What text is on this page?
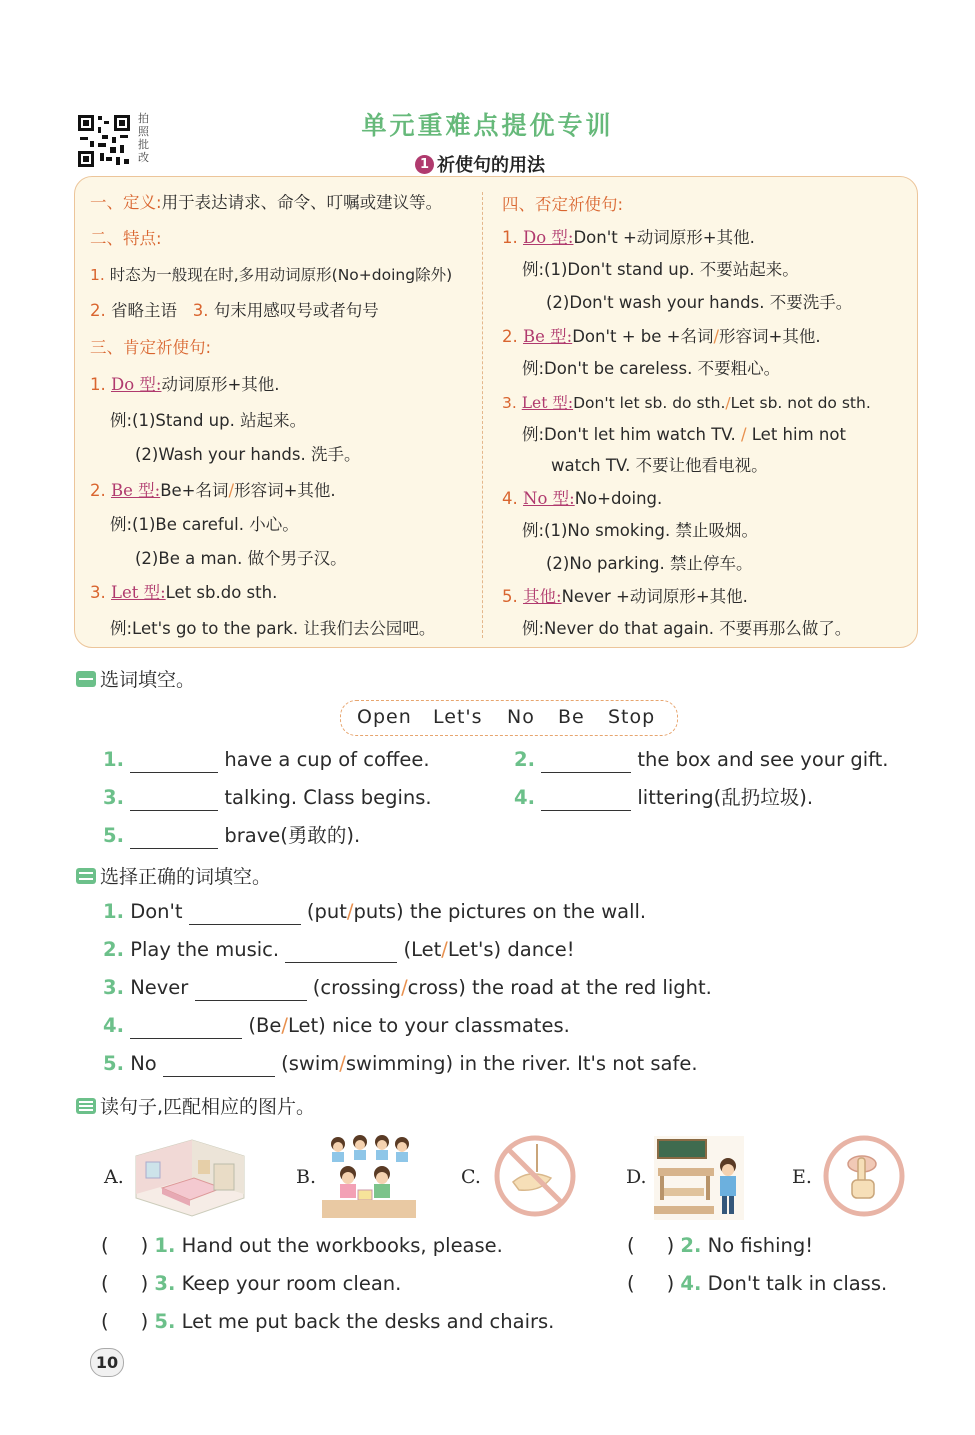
拍照批改
单元重难点提优专训
1 祈使句的用法
一、定义:用于表达请求、命令、叮嘱或建议等。
二、特点:
1. 时态为一般现在时,多用动词原形(No+doing除外)
2. 省略主语 3. 句末用感叹号或者句号
三、肯定祈使句:
1. Do 型:动词原形+其他.
例:(1)Stand up. 站起来。
(2)Wash your hands. 洗手。
2. Be 型:Be+名词/形容词+其他.
例:(1)Be careful. 小心。
(2)Be a man. 做个男子汉。
3. Let 型:Let sb.do sth.
例:Let's go to the park. 让我们去公园吧。
四、否定祈使句:
1. Do 型:Don't +动词原形+其他.
例:(1)Don't stand up. 不要站起来。
(2)Don't wash your hands. 不要洗手。
2. Be 型:Don't + be +名词/形容词+其他.
例:Don't be careless. 不要粗心。
3. Let 型:Don't let sb. do sth./Let sb. not do sth.
例:Don't let him watch TV. / Let him not
watch TV. 不要让他看电视。
4. No 型:No+doing.
例:(1)No smoking. 禁止吸烟。
(2)No parking. 禁止停车。
5. 其他:Never +动词原形+其他.
例:Never do that again. 不要再那么做了。
选词填空。
Open Let's No Be Stop
1.	have a cup of coffee.	2.	the box and see your gift.
3.	talking. Class begins.	4.	littering(乱扔垃圾).
5.	brave(勇敢的).
选择正确的词填空。
1. Don't	(put/puts) the pictures on the wall.
2. Play the music.	(Let/Let's) dance!
3. Never	(crossing/cross) the road at the red light.
4.	(Be/Let) nice to your classmates.
5. No	(swim/swimming) in the river. It's not safe.
读句子,匹配相应的图片。
A.	B.	C.	D.	E.
( ) 1. Hand out the workbooks, please.	( ) 2. No fishing!
( ) 3. Keep your room clean.	( ) 4. Don't talk in class.
( ) 5. Let me put back the desks and chairs.
10
